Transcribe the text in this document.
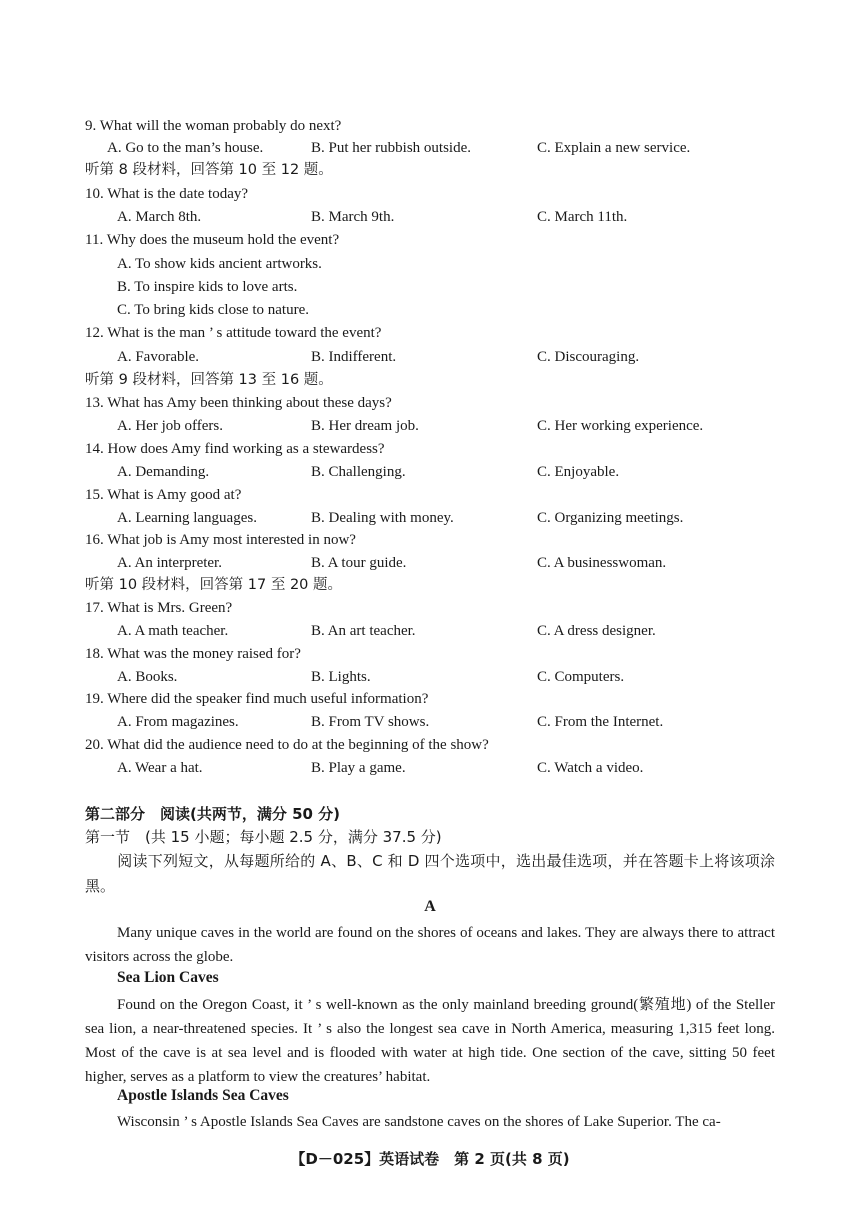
9. What will the woman probably do next?
A. Go to the man’s house.	B. Put her rubbish outside.	C. Explain a new service.
听第 8 段材料，回答第 10 至 12 题。
10. What is the date today?
A. March 8th.	B. March 9th.	C. March 11th.
11. Why does the museum hold the event?
A. To show kids ancient artworks.
B. To inspire kids to love arts.
C. To bring kids close to nature.
12. What is the man ’ s attitude toward the event?
A. Favorable.	B. Indifferent.	C. Discouraging.
听第 9 段材料，回答第 13 至 16 题。
13. What has Amy been thinking about these days?
A. Her job offers.	B. Her dream job.	C. Her working experience.
14. How does Amy find working as a stewardess?
A. Demanding.	B. Challenging.	C. Enjoyable.
15. What is Amy good at?
A. Learning languages.	B. Dealing with money.	C. Organizing meetings.
16. What job is Amy most interested in now?
A. An interpreter.	B. A tour guide.	C. A businesswoman.
听第 10 段材料，回答第 17 至 20 题。
17. What is Mrs. Green?
A. A math teacher.	B. An art teacher.	C. A dress designer.
18. What was the money raised for?
A. Books.	B. Lights.	C. Computers.
19. Where did the speaker find much useful information?
A. From magazines.	B. From TV shows.	C. From the Internet.
20. What did the audience need to do at the beginning of the show?
A. Wear a hat.	B. Play a game.	C. Watch a video.
第二部分　阅读(共两节，满分 50 分)
第一节　(共 15 小题；每小题 2.5 分，满分 37.5 分)
阅读下列短文，从每题所给的 A、B、C 和 D 四个选项中，选出最佳选项，并在答题卡上将该项涂黑。
A
Many unique caves in the world are found on the shores of oceans and lakes. They are always there to attract visitors across the globe.
Sea Lion Caves
Found on the Oregon Coast, it ’ s well-known as the only mainland breeding ground(繁殖地) of the Steller sea lion, a near-threatened species. It ’ s also the longest sea cave in North America, measuring 1,315 feet long. Most of the cave is at sea level and is flooded with water at high tide. One section of the cave, sitting 50 feet higher, serves as a platform to view the creatures’ habitat.
Apostle Islands Sea Caves
Wisconsin ’ s Apostle Islands Sea Caves are sandstone caves on the shores of Lake Superior. The ca-
【D－025】英语试卷　第 2 页(共 8 页)
